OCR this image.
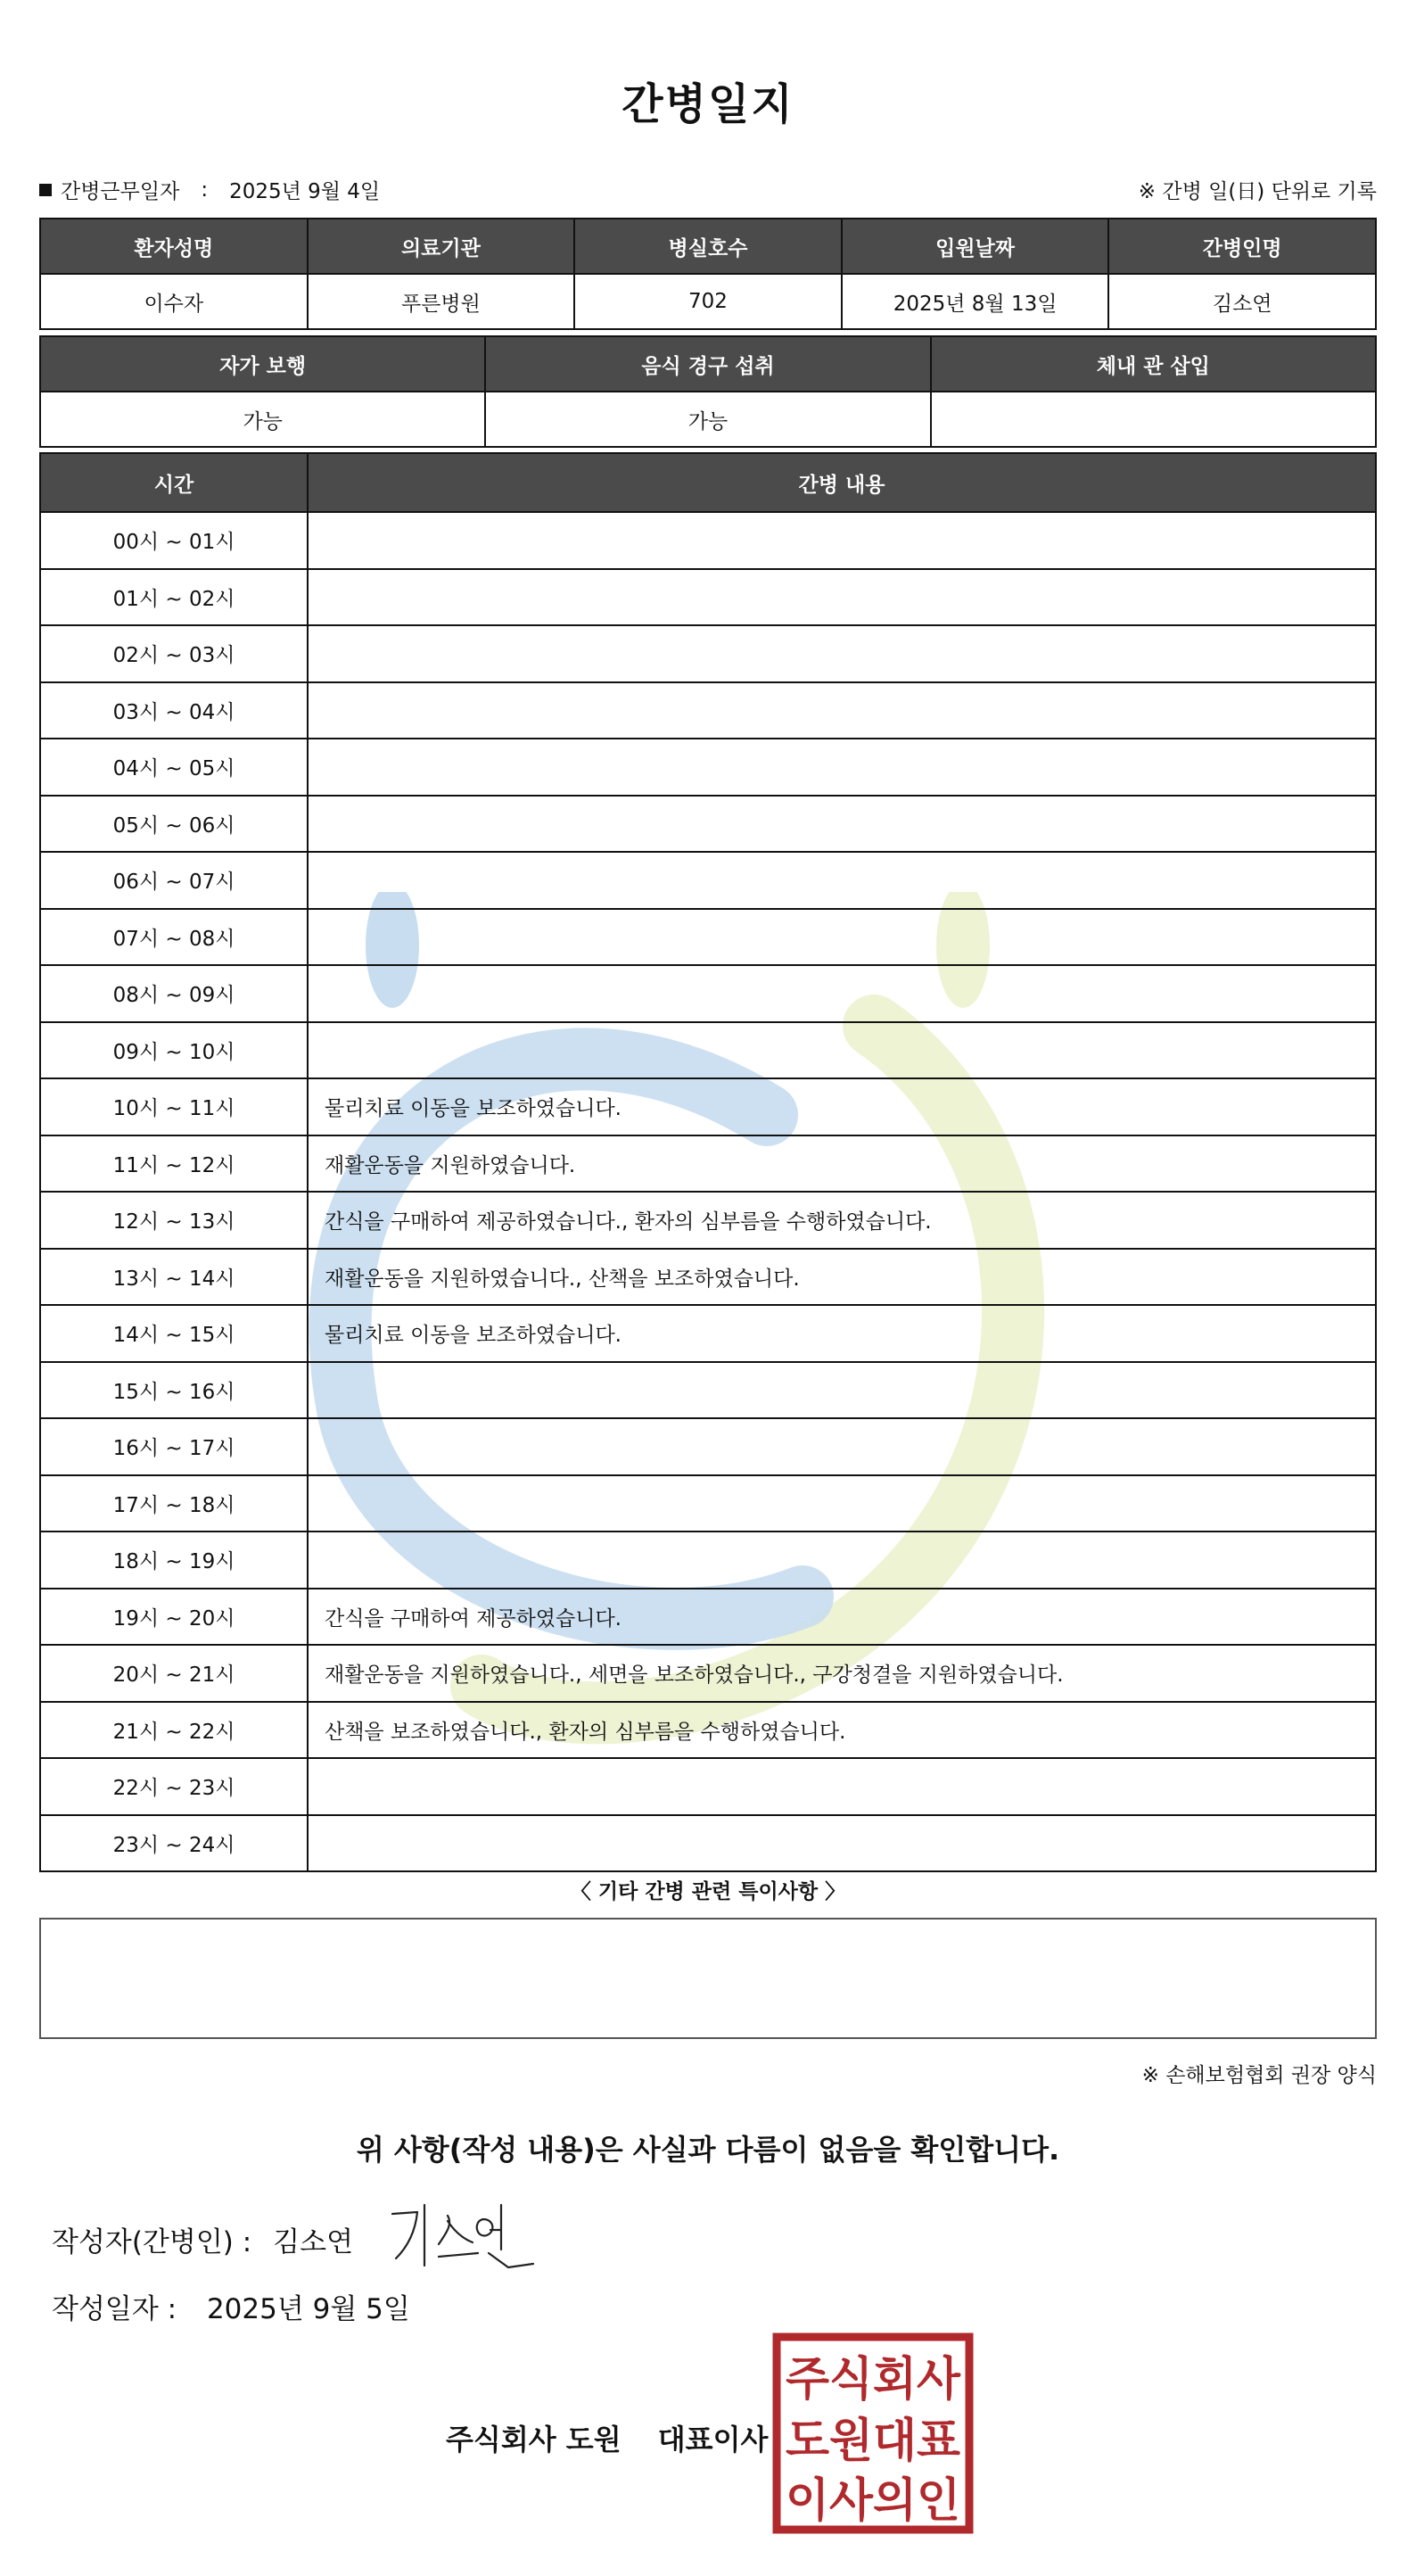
간병일지
간병근무일자 : 2025년 9월 4일	※ 간병 일(日) 단위로 기록
환자성명	의료기관	병실호수	입원날짜	간병인명
이수자	푸른병원	702	2025년 8월 13일	김소연
자가 보행	음식 경구 섭취	체내 관 삽입
가능	가능	
시간	간병 내용
00시 ~ 01시	
01시 ~ 02시	
02시 ~ 03시	
03시 ~ 04시	
04시 ~ 05시	
05시 ~ 06시	
06시 ~ 07시	
07시 ~ 08시	
08시 ~ 09시	
09시 ~ 10시	
10시 ~ 11시	물리치료 이동을 보조하였습니다.
11시 ~ 12시	재활운동을 지원하였습니다.
12시 ~ 13시	간식을 구매하여 제공하였습니다., 환자의 심부름을 수행하였습니다.
13시 ~ 14시	재활운동을 지원하였습니다., 산책을 보조하였습니다.
14시 ~ 15시	물리치료 이동을 보조하였습니다.
15시 ~ 16시	
16시 ~ 17시	
17시 ~ 18시	
18시 ~ 19시	
19시 ~ 20시	간식을 구매하여 제공하였습니다.
20시 ~ 21시	재활운동을 지원하였습니다., 세면을 보조하였습니다., 구강청결을 지원하였습니다.
21시 ~ 22시	산책을 보조하였습니다., 환자의 심부름을 수행하였습니다.
22시 ~ 23시	
23시 ~ 24시	
〈 기타 간병 관련 특이사항 〉
※ 손해보험협회 권장 양식
위 사항(작성 내용)은 사실과 다름이 없음을 확인합니다.
작성자(간병인) : 김소연
작성일자 : 2025년 9월 5일
주식회사 도원 대표이사
주식회사
도원대표
이사의인
